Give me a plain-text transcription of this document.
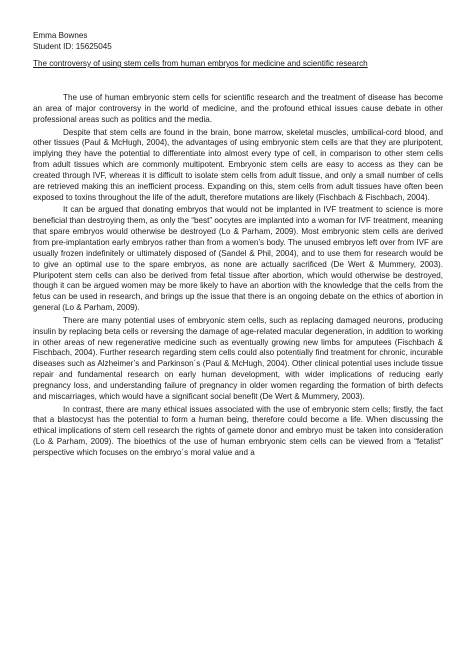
Emma Bownes
Student ID: 15625045
The controversy of using stem cells from human embryos for medicine and scientific research

The use of human embryonic stem cells for scientific research and the treatment of disease has become an area of major controversy in the world of medicine, and the profound ethical issues cause debate in other professional areas such as politics and the media.

Despite that stem cells are found in the brain, bone marrow, skeletal muscles, umbilical-cord blood, and other tissues (Paul & McHugh, 2004), the advantages of using embryonic stem cells are that they are pluripotent, implying they have the potential to differentiate into almost every type of cell, in comparison to other stem cells from adult tissues which are commonly multipotent. Embryonic stem cells are easy to access as they can be created through IVF, whereas it is difficult to isolate stem cells from adult tissue, and only a small number of cells are retrieved making this an inefficient process. Expanding on this, stem cells from adult tissues have often been exposed to toxins throughout the life of the adult, therefore mutations are likely (Fischbach & Fischbach, 2004).

It can be argued that donating embryos that would not be implanted in IVF treatment to science is more beneficial than destroying them, as only the “best” oocytes are implanted into a woman for IVF treatment, meaning that spare embryos would otherwise be destroyed (Lo & Parham, 2009). Most embryonic stem cells are derived from pre-implantation early embryos rather than from a women’s body. The unused embryos left over from IVF are usually frozen indefinitely or ultimately disposed of (Sandel & Phil, 2004), and to use them for research would be to give an optimal use to the spare embryos, as none are actually sacrificed (De Wert & Mummery, 2003). Pluripotent stem cells can also be derived from fetal tissue after abortion, which would otherwise be destroyed, though it can be argued women may be more likely to have an abortion with the knowledge that the cells from the fetus can be used in research, and brings up the issue that there is an ongoing debate on the ethics of abortion in general (Lo & Parham, 2009).

There are many potential uses of embryonic stem cells, such as replacing damaged neurons, producing insulin by replacing beta cells or reversing the damage of age-related macular degeneration, in addition to working in other areas of new regenerative medicine such as eventually growing new limbs for amputees (Fischbach & Fischbach, 2004). Further research regarding stem cells could also potentially find treatment for chronic, incurable diseases such as Alzheimer’s and Parkinson´s (Paul & McHugh, 2004). Other clinical potential uses include tissue repair and fundamental research on early human development, with wider implications of reducing early pregnancy loss, and understanding failure of pregnancy in older women regarding the formation of birth defects and miscarriages, which would have a significant social benefit (De Wert & Mummery, 2003).

In contrast, there are many ethical issues associated with the use of embryonic stem cells; firstly, the fact that a blastocyst has the potential to form a human being, therefore could become a life. When discussing the ethical implications of stem cell research the rights of gamete donor and embryo must be taken into consideration (Lo & Parham, 2009). The bioethics of the use of human embryonic stem cells can be viewed from a “fetalist” perspective which focuses on the embryo´s moral value and a
